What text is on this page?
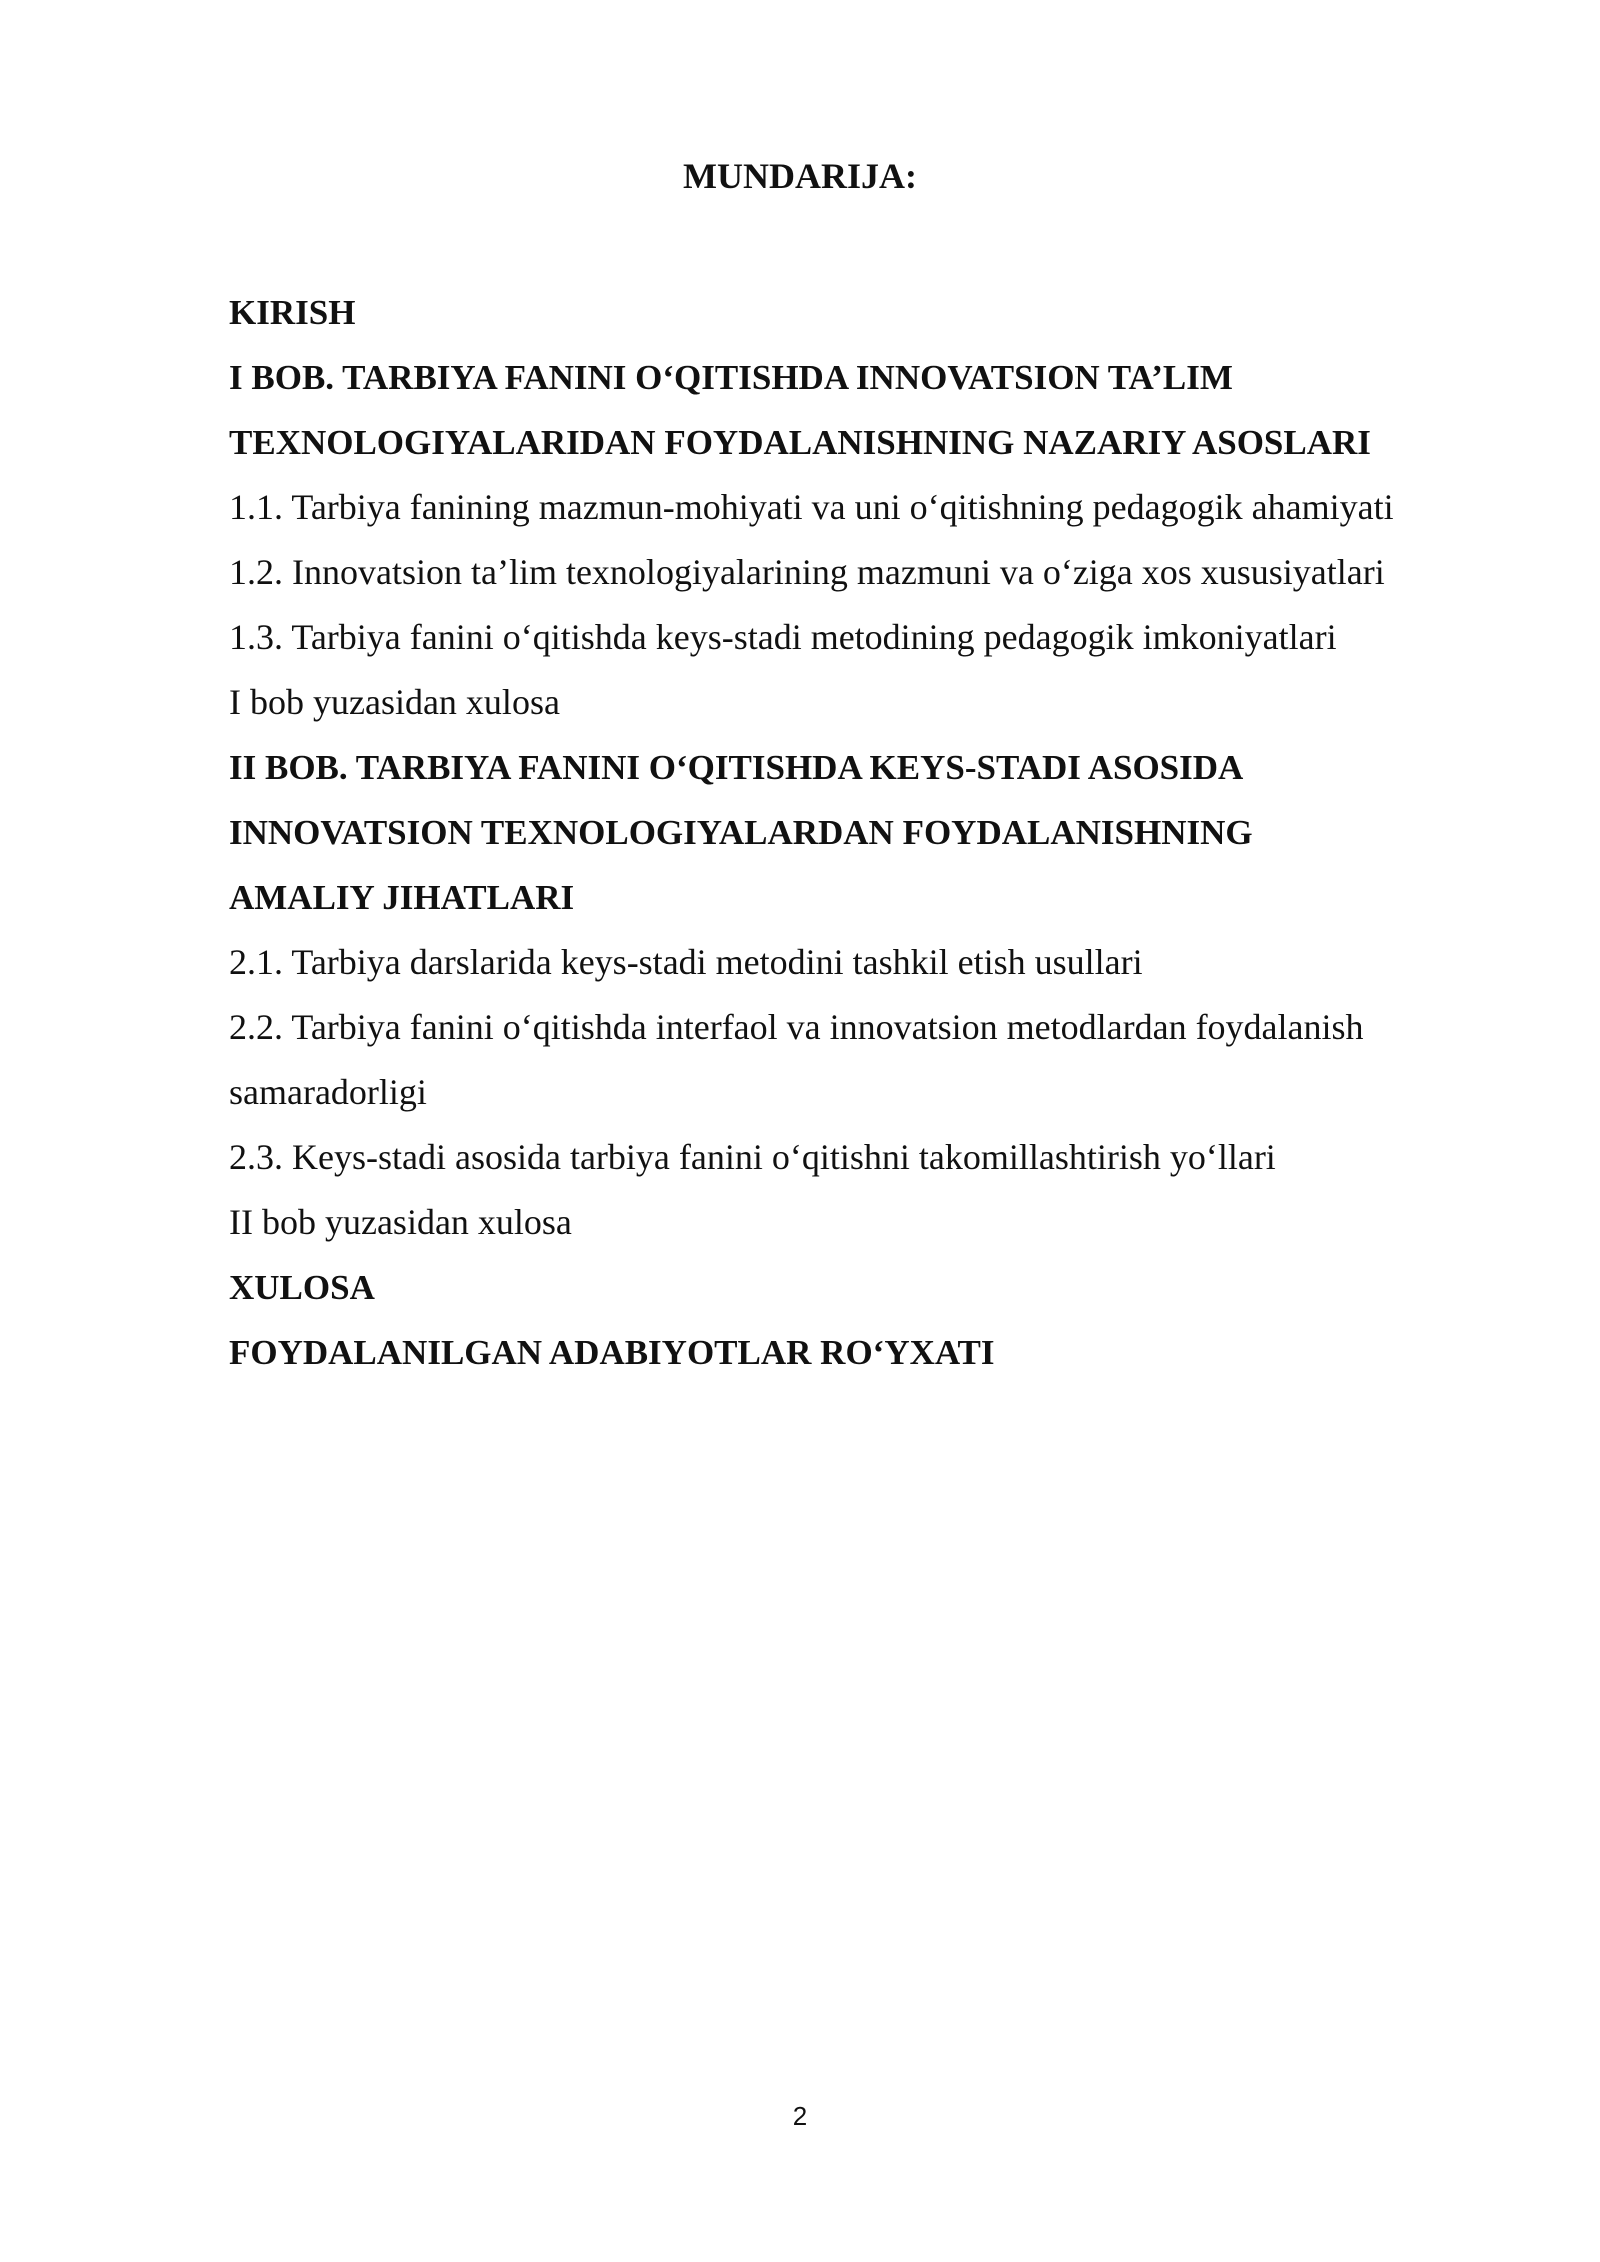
MUNDARIJA:
KIRISH
I BOB. TARBIYA FANINI O‘QITISHDA INNOVATSION TA’LIM
TEXNOLOGIYALARIDAN FOYDALANISHNING NAZARIY ASOSLARI
1.1. Tarbiya fanining mazmun-mohiyati va uni o‘qitishning pedagogik ahamiyati
1.2. Innovatsion ta’lim texnologiyalarining mazmuni va o‘ziga xos xususiyatlari
1.3. Tarbiya fanini o‘qitishda keys-stadi metodining pedagogik imkoniyatlari
I bob yuzasidan xulosa
II BOB. TARBIYA FANINI O‘QITISHDA KEYS-STADI ASOSIDA
INNOVATSION TEXNOLOGIYALARDAN FOYDALANISHNING
AMALIY JIHATLARI
2.1. Tarbiya darslarida keys-stadi metodini tashkil etish usullari
2.2. Tarbiya fanini o‘qitishda interfaol va innovatsion metodlardan foydalanish
samaradorligi
2.3. Keys-stadi asosida tarbiya fanini o‘qitishni takomillashtirish yo‘llari
II bob yuzasidan xulosa
XULOSA
FOYDALANILGAN ADABIYOTLAR RO‘YXATI
2
